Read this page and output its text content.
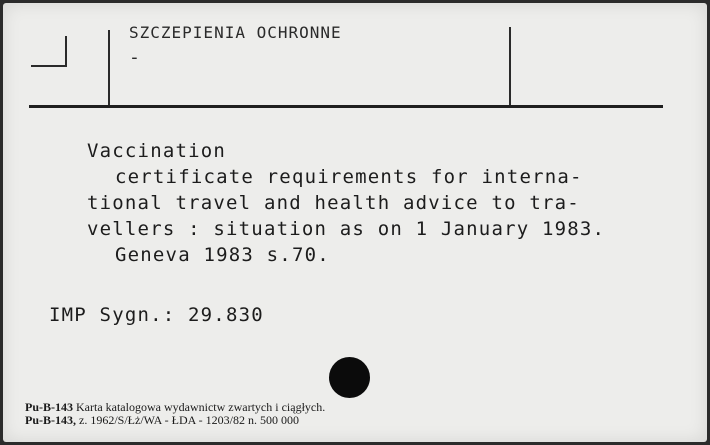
SZCZEPIENIA OCHRONNE
-
Vaccination
certificate requirements for interna-
tional travel and health advice to tra-
vellers : situation as on 1 January 1983.
Geneva 1983 s.70.
IMP Sygn.: 29.830
Pu-B-143 Karta katalogowa wydawnictw zwartych i ciągłych.
Pu-B-143, z. 1962/S/Łż/WA - ŁDA - 1203/82 n. 500 000
